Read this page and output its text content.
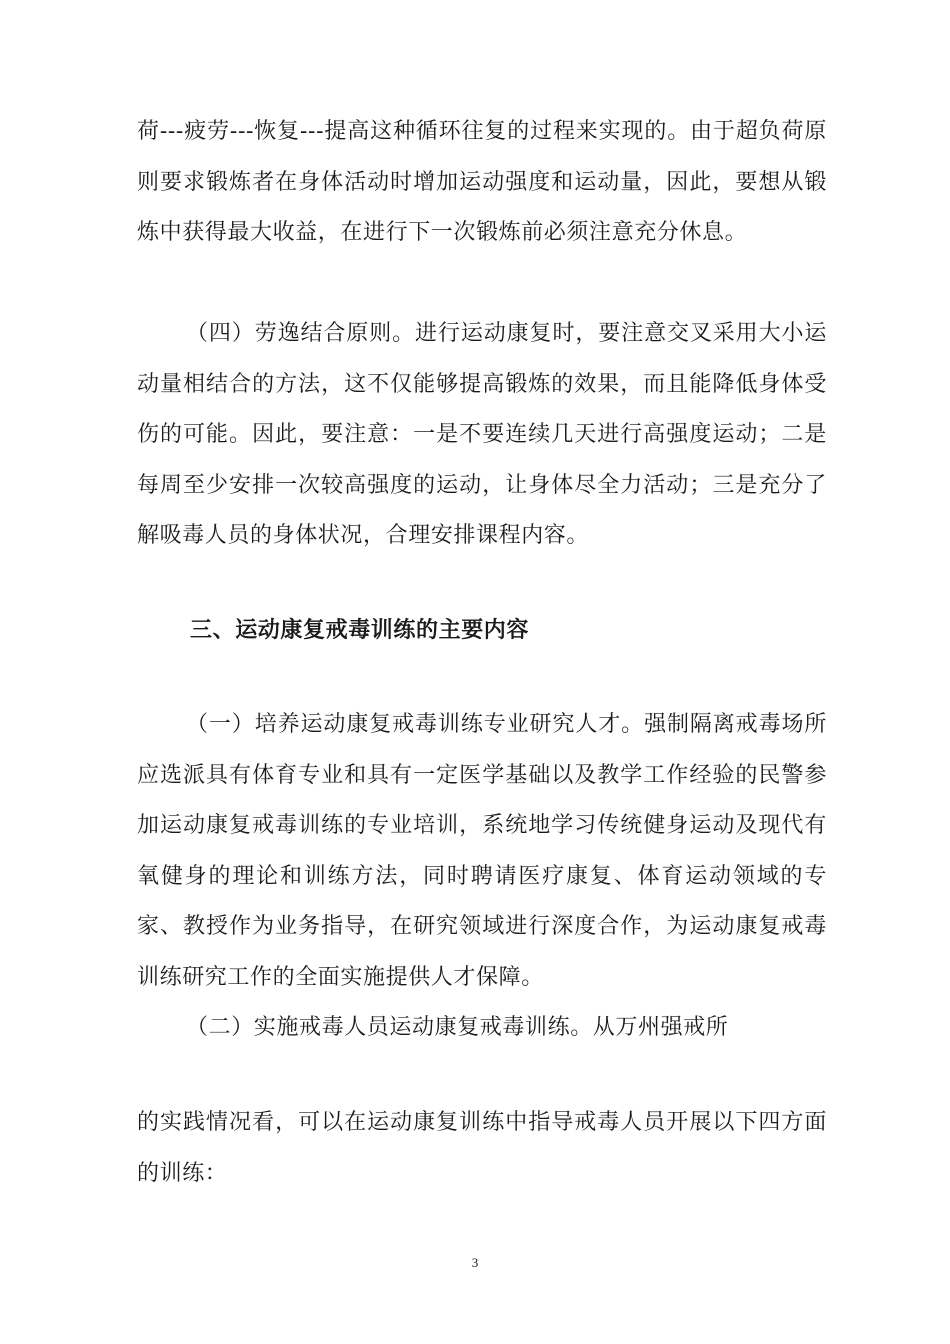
荷---疲劳---恢复---提高这种循环往复的过程来实现的。由于超负荷原则要求锻炼者在身体活动时增加运动强度和运动量，因此，要想从锻炼中获得最大收益，在进行下一次锻炼前必须注意充分休息。

（四）劳逸结合原则。进行运动康复时，要注意交叉采用大小运动量相结合的方法，这不仅能够提高锻炼的效果，而且能降低身体受伤的可能。因此，要注意：一是不要连续几天进行高强度运动；二是每周至少安排一次较高强度的运动，让身体尽全力活动；三是充分了解吸毒人员的身体状况，合理安排课程内容。

三、运动康复戒毒训练的主要内容

（一）培养运动康复戒毒训练专业研究人才。强制隔离戒毒场所应选派具有体育专业和具有一定医学基础以及教学工作经验的民警参加运动康复戒毒训练的专业培训，系统地学习传统健身运动及现代有氧健身的理论和训练方法，同时聘请医疗康复、体育运动领域的专家、教授作为业务指导，在研究领域进行深度合作，为运动康复戒毒训练研究工作的全面实施提供人才保障。

（二）实施戒毒人员运动康复戒毒训练。从万州强戒所

的实践情况看，可以在运动康复训练中指导戒毒人员开展以下四方面的训练：

3
